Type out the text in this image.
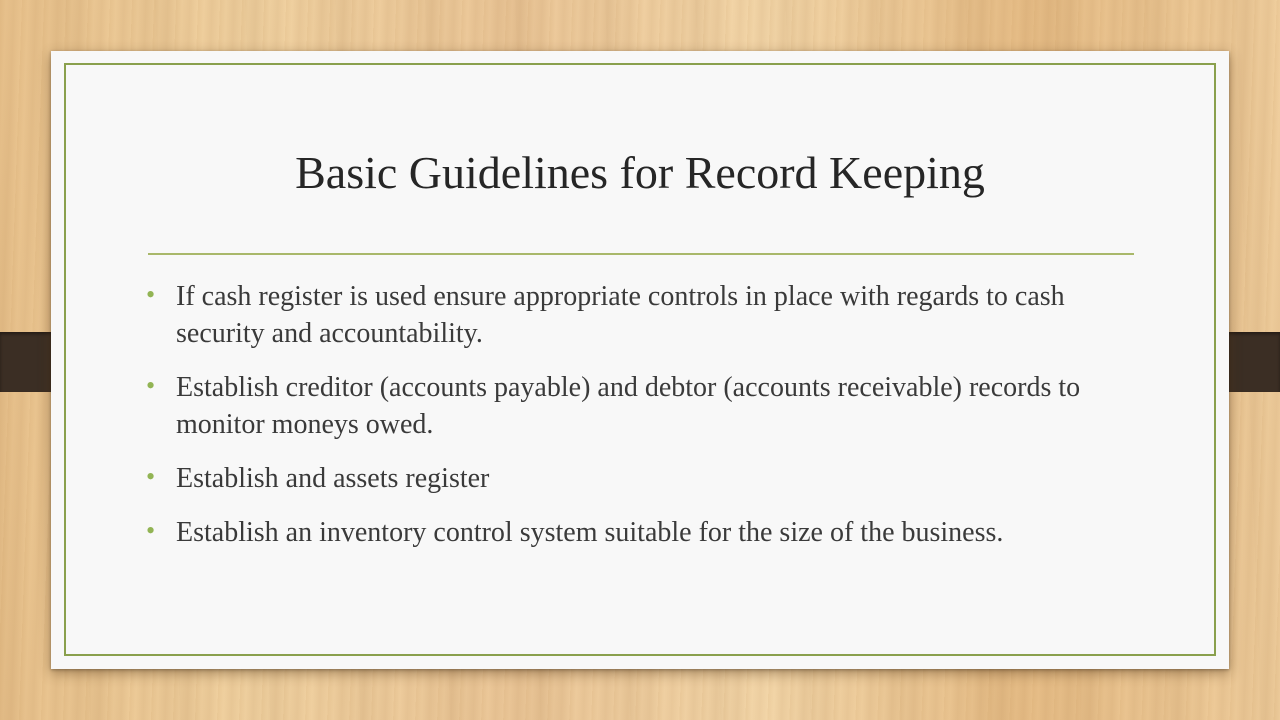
Basic Guidelines for Record Keeping
• If cash register is used ensure appropriate controls in place with regards to cash security and accountability.
• Establish creditor (accounts payable) and debtor (accounts receivable) records to monitor moneys owed.
• Establish and assets register
• Establish an inventory control system suitable for the size of the business.
